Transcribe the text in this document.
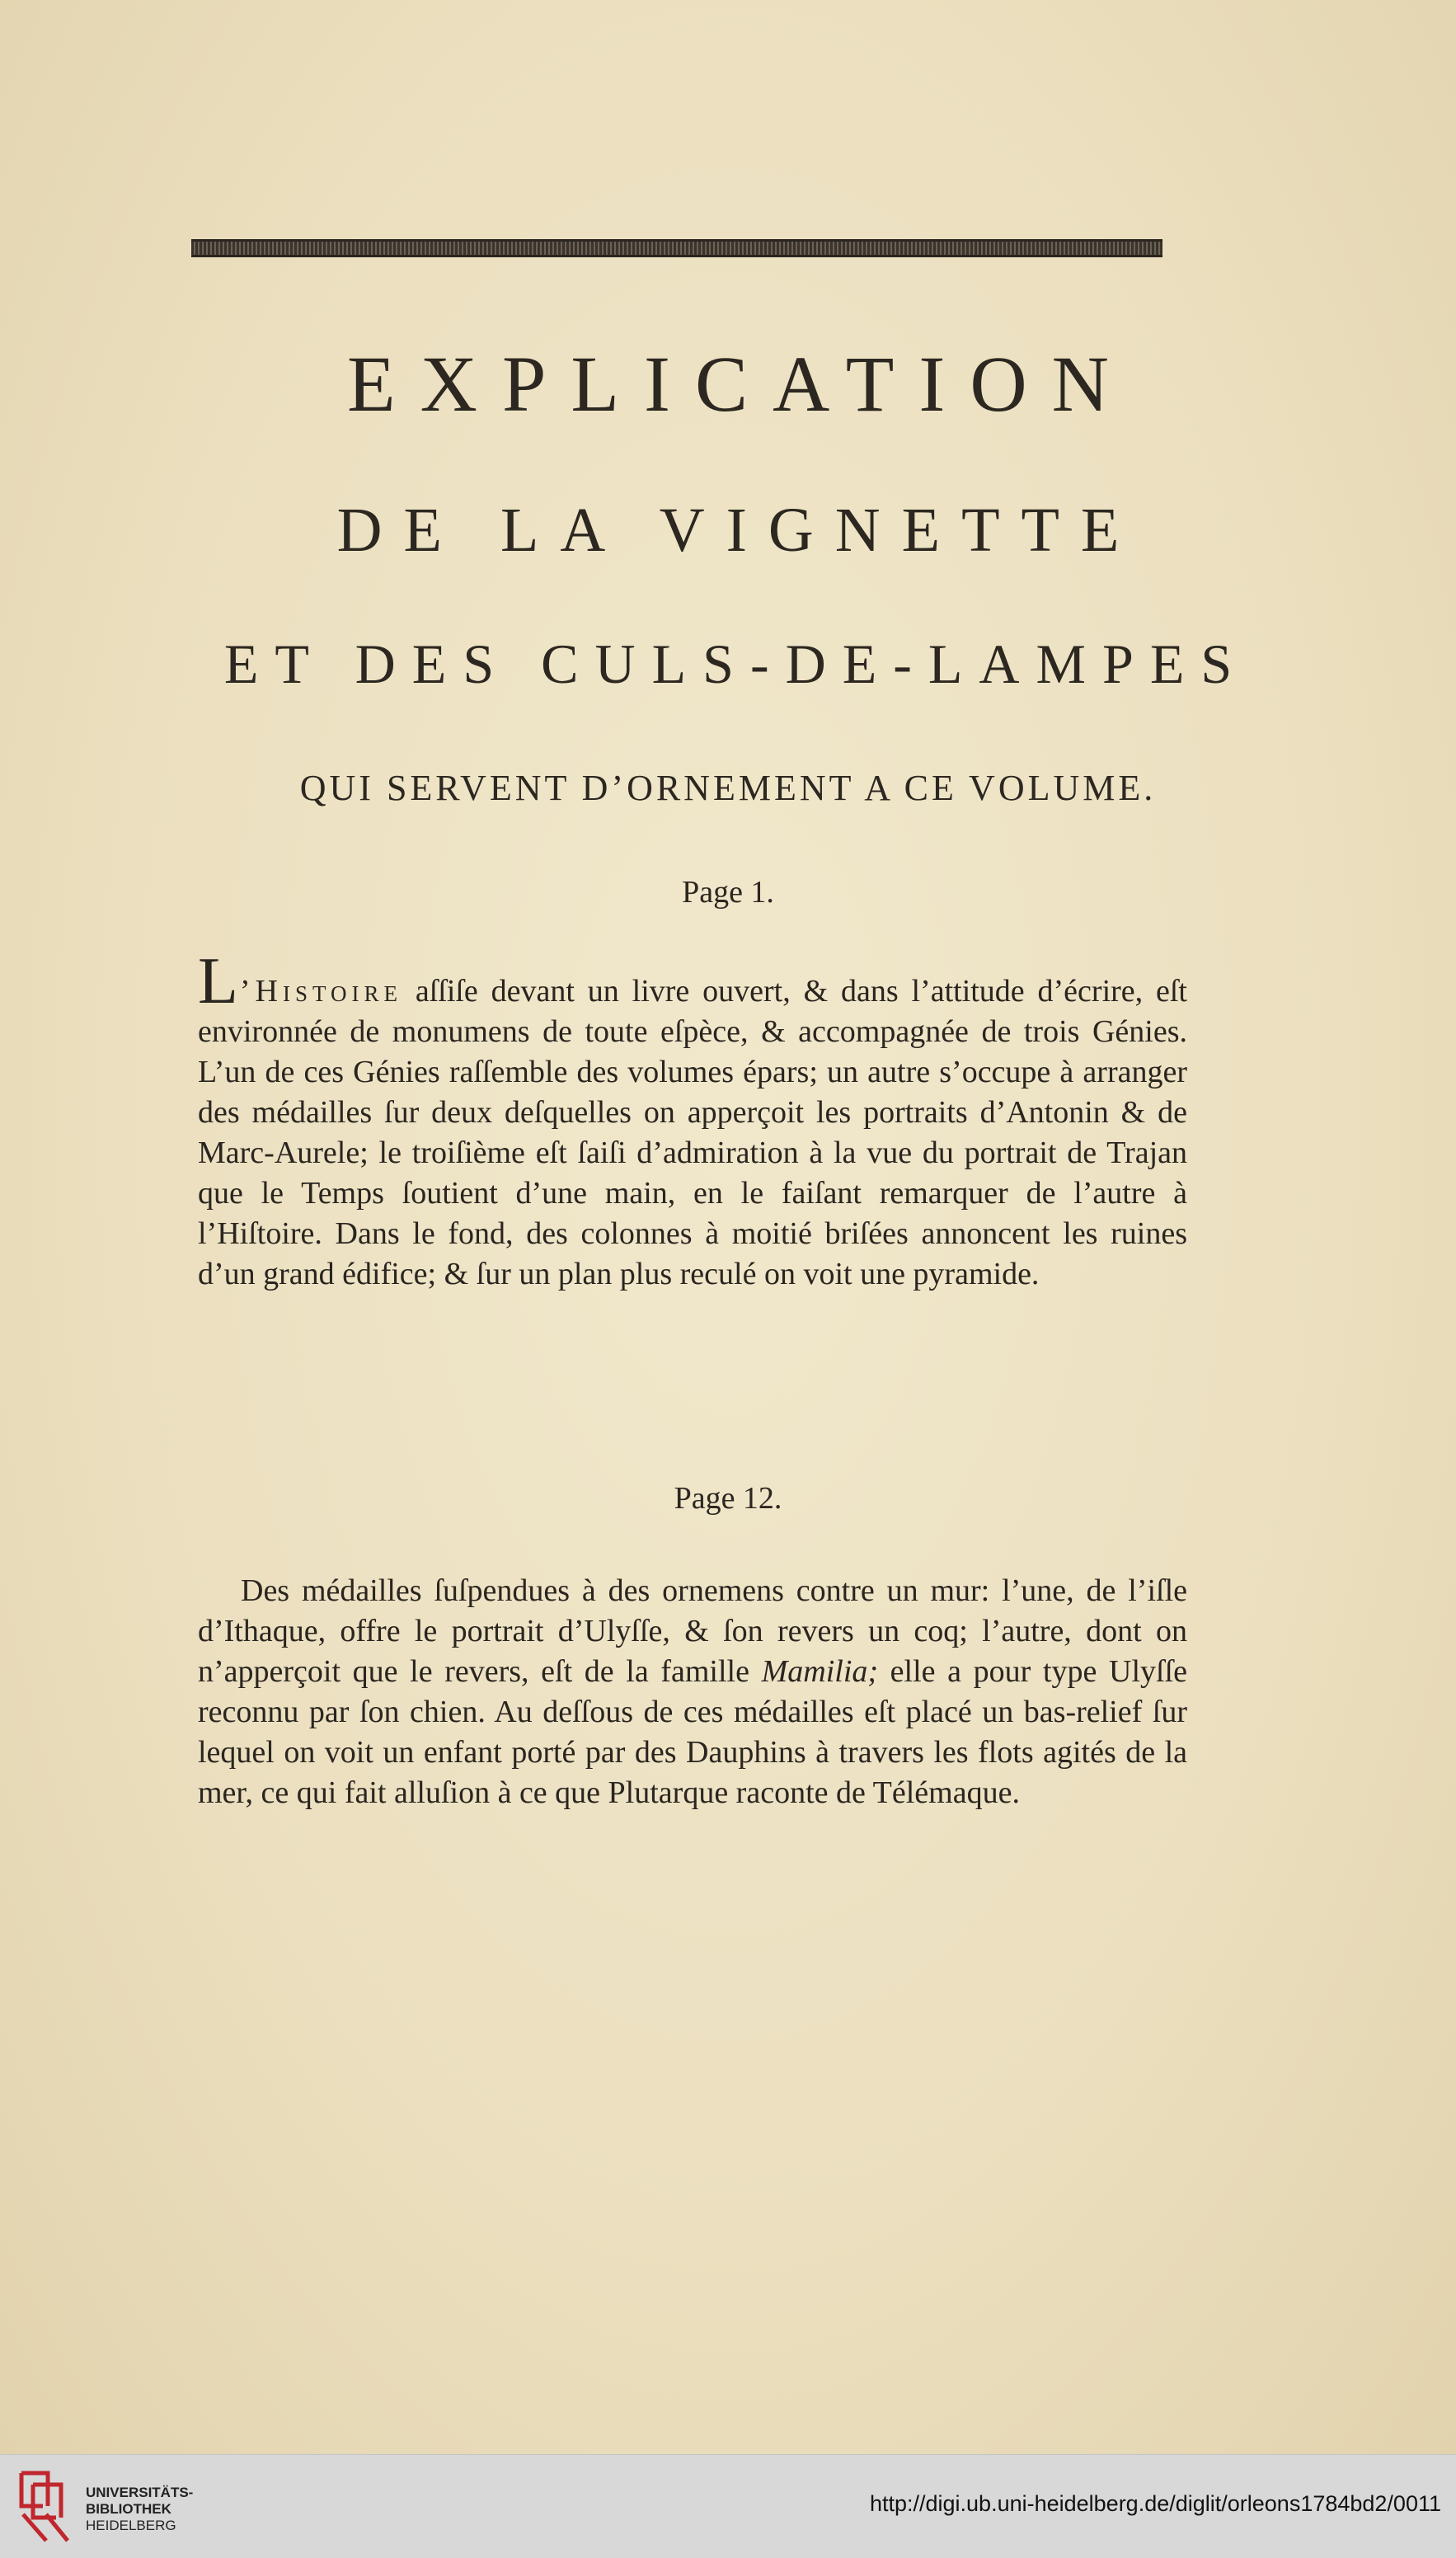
EXPLICATION
DE LA VIGNETTE
ET DES CULS-DE-LAMPES
QUI SERVENT D’ORNEMENT A CE VOLUME.
Page 1.
L’Histoire aſſiſe devant un livre ouvert, & dans l’attitude d’écrire, eſt environnée de monumens de toute eſpèce, & accompagnée de trois Génies. L’un de ces Génies raſſemble des volumes épars; un autre s’occupe à arranger des médailles ſur deux deſquelles on apperçoit les portraits d’Antonin & de Marc-Aurele; le troiſième eſt ſaiſi d’admiration à la vue du portrait de Trajan que le Temps ſoutient d’une main, en le faiſant remarquer de l’autre à l’Hiſtoire. Dans le fond, des colonnes à moitié briſées annoncent les ruines d’un grand édifice; & ſur un plan plus reculé on voit une pyramide.
Page 12.
Des médailles ſuſpendues à des ornemens contre un mur: l’une, de l’iſle d’Ithaque, offre le portrait d’Ulyſſe, & ſon revers un coq; l’autre, dont on n’apperçoit que le revers, eſt de la famille Mamilia; elle a pour type Ulyſſe reconnu par ſon chien. Au deſſous de ces médailles eſt placé un bas-relief ſur lequel on voit un enfant porté par des Dauphins à travers les flots agités de la mer, ce qui fait alluſion à ce que Plutarque raconte de Télémaque.
UNIVERSITÄTS-
BIBLIOTHEK
HEIDELBERG
http://digi.ub.uni-heidelberg.de/diglit/orleons1784bd2/0011
